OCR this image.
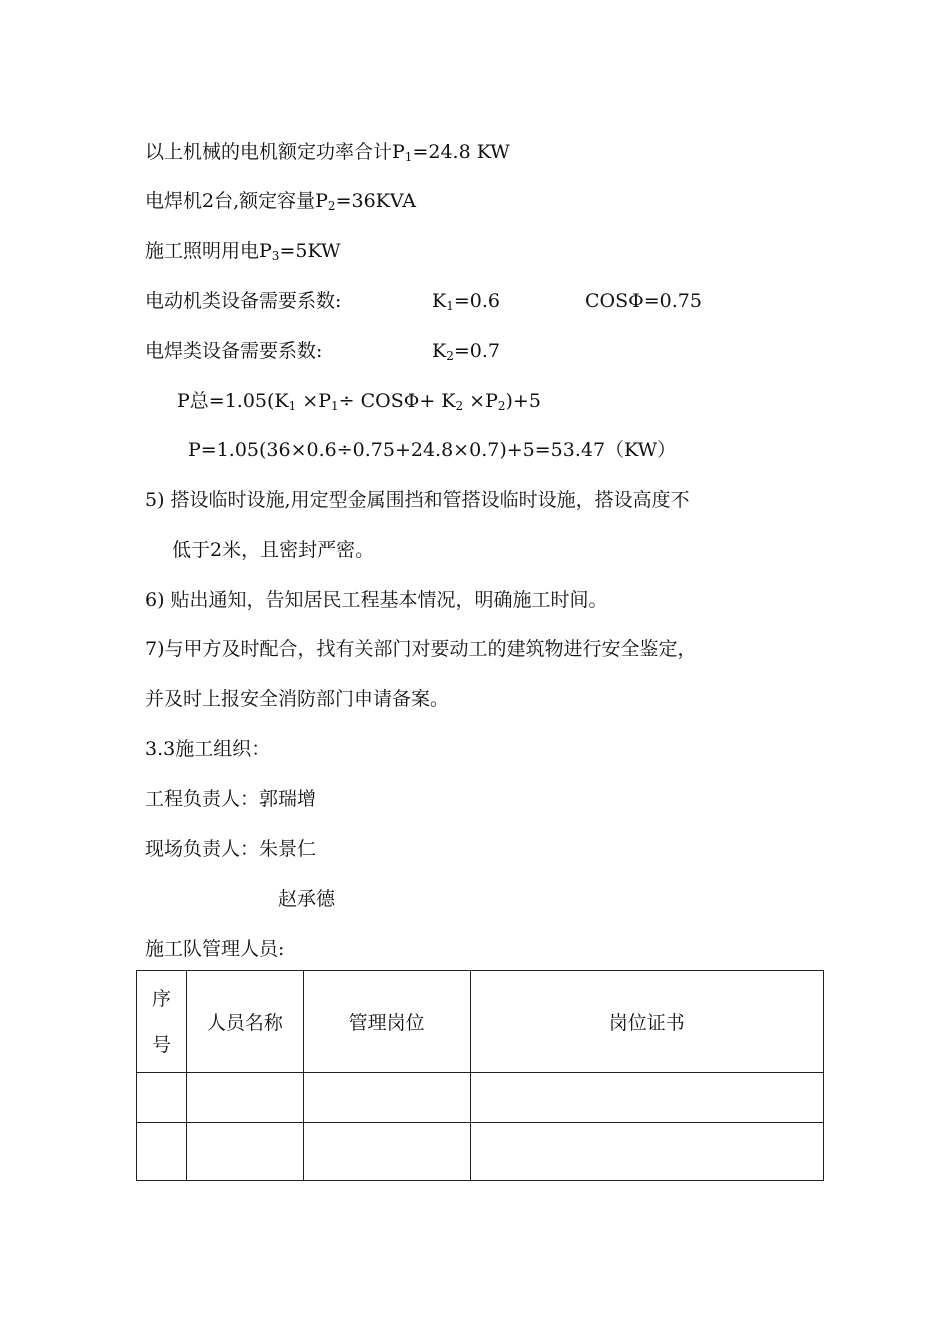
以上机械的电机额定功率合计$P_1=24.8$ KW
电焊机2台,额定容量$P_2=36KVA$
施工照明用电$P_3=5KW$
电动机类设备需要系数:	$K_1=0.6$	COSΦ=0.75
电焊类设备需要系数:	$K_2=0.7$
P总$=1.05(K_1 \times P_1\div COS\Phi+ K_2 \times P_2)+5$
P=1.05(36×0.6÷0.75+24.8×0.7)+5=53.47（KW）
5) 搭设临时设施,用定型金属围挡和管搭设临时设施，搭设高度不
低于2米，且密封严密。
6) 贴出通知，告知居民工程基本情况，明确施工时间。
7)与甲方及时配合，找有关部门对要动工的建筑物进行安全鉴定，
并及时上报安全消防部门申请备案。
3.3施工组织：
工程负责人：郭瑞增
现场负责人：朱景仁
赵承德
施工队管理人员:
序
号	人员名称	管理岗位	岗位证书
